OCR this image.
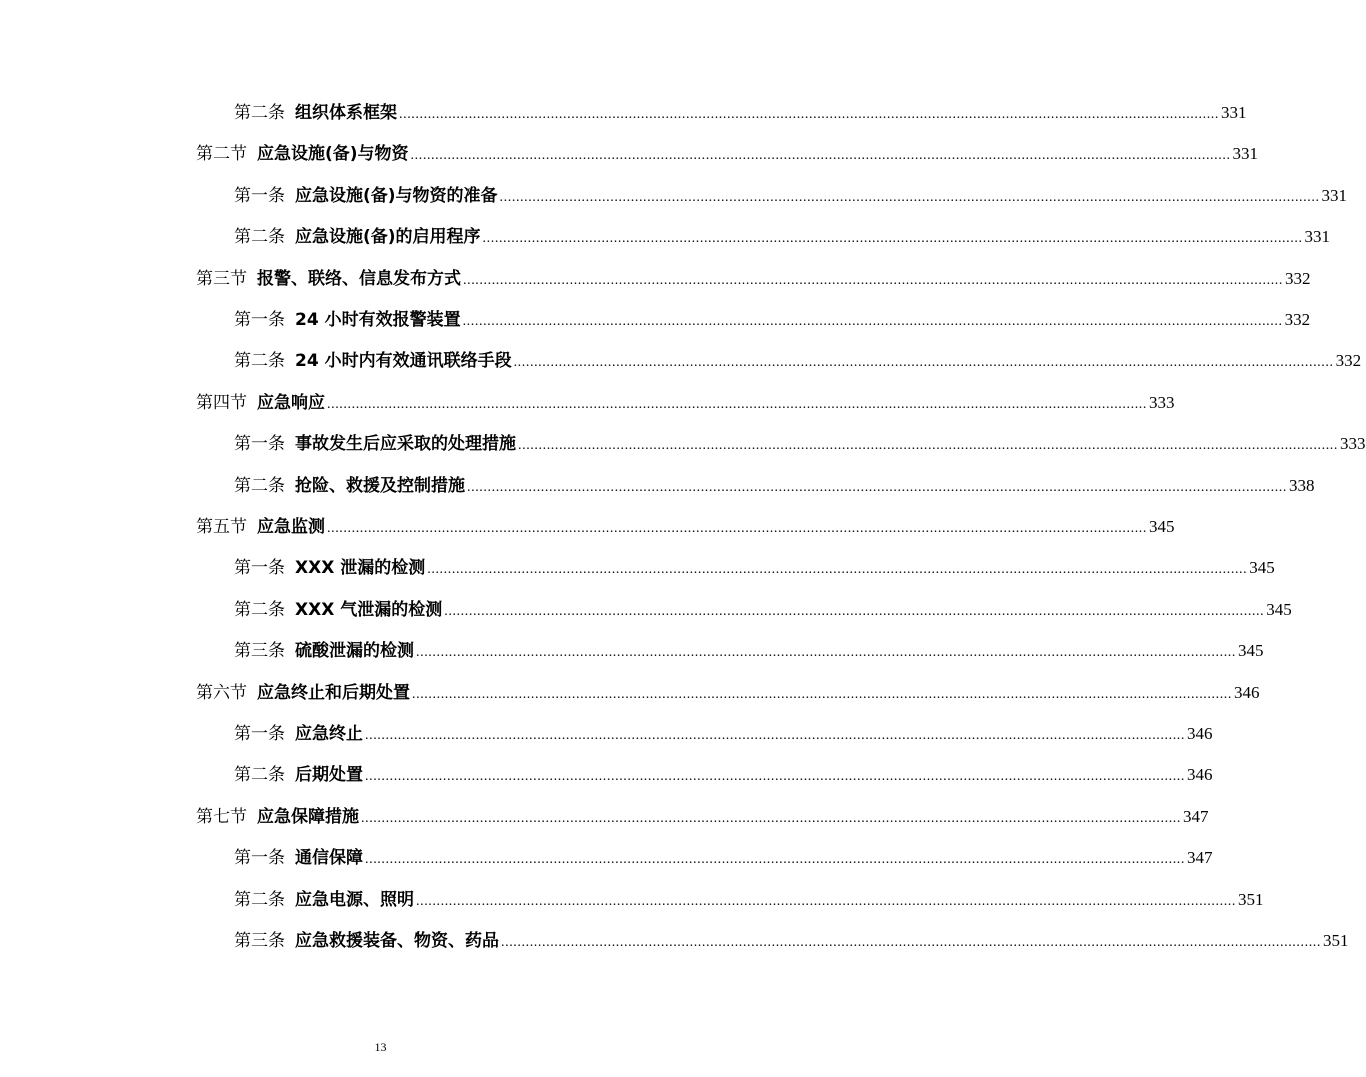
第二条 组织体系框架 ........................................................................................................................................................................................................ 331
第二节 应急设施(备)与物资 ........................................................................................................................................................................................................ 331
第一条 应急设施(备)与物资的准备 ........................................................................................................................................................................................................ 331
第二条 应急设施(备)的启用程序 ........................................................................................................................................................................................................ 331
第三节 报警、联络、信息发布方式 ........................................................................................................................................................................................................ 332
第一条 24 小时有效报警装置 ........................................................................................................................................................................................................ 332
第二条 24 小时内有效通讯联络手段 ........................................................................................................................................................................................................ 332
第四节 应急响应 ........................................................................................................................................................................................................ 333
第一条 事故发生后应采取的处理措施 ........................................................................................................................................................................................................ 333
第二条 抢险、救援及控制措施 ........................................................................................................................................................................................................ 338
第五节 应急监测 ........................................................................................................................................................................................................ 345
第一条 XXX 泄漏的检测 ........................................................................................................................................................................................................ 345
第二条 XXX 气泄漏的检测 ........................................................................................................................................................................................................ 345
第三条 硫酸泄漏的检测 ........................................................................................................................................................................................................ 345
第六节 应急终止和后期处置 ........................................................................................................................................................................................................ 346
第一条 应急终止 ........................................................................................................................................................................................................ 346
第二条 后期处置 ........................................................................................................................................................................................................ 346
第七节 应急保障措施 ........................................................................................................................................................................................................ 347
第一条 通信保障 ........................................................................................................................................................................................................ 347
第二条 应急电源、照明 ........................................................................................................................................................................................................ 351
第三条 应急救援装备、物资、药品 ........................................................................................................................................................................................................ 351
13
